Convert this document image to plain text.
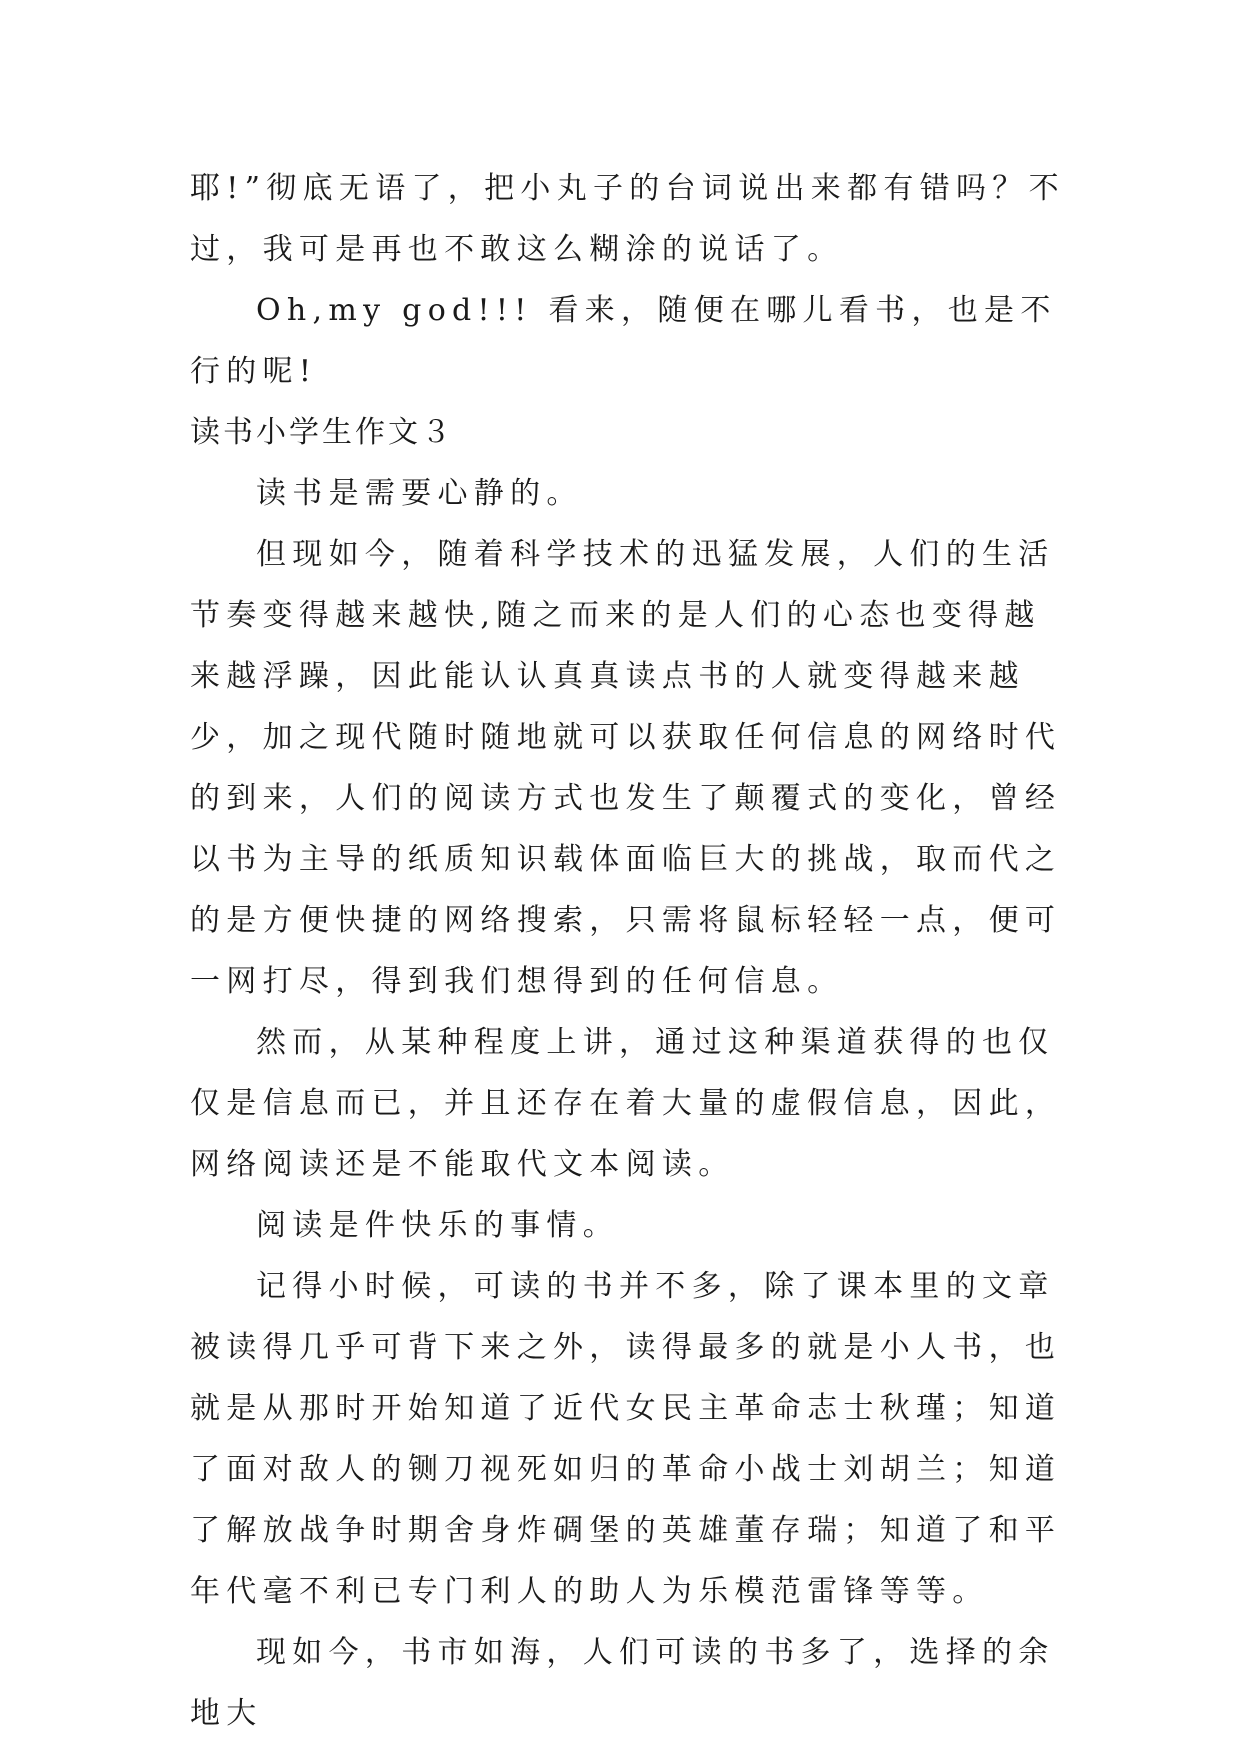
耶!”彻底无语了，把小丸子的台词说出来都有错吗？不过，我可是再也不敢这么糊涂的说话了。

Oh,my god!!! 看来，随便在哪儿看书，也是不行的呢!

读书小学生作文３

读书是需要心静的。

但现如今，随着科学技术的迅猛发展，人们的生活节奏变得越来越快,随之而来的是人们的心态也变得越来越浮躁，因此能认认真真读点书的人就变得越来越少，加之现代随时随地就可以获取任何信息的网络时代的到来，人们的阅读方式也发生了颠覆式的变化，曾经以书为主导的纸质知识载体面临巨大的挑战，取而代之的是方便快捷的网络搜索，只需将鼠标轻轻一点，便可一网打尽，得到我们想得到的任何信息。

然而，从某种程度上讲，通过这种渠道获得的也仅仅是信息而已，并且还存在着大量的虚假信息，因此，网络阅读还是不能取代文本阅读。

阅读是件快乐的事情。

记得小时候，可读的书并不多，除了课本里的文章被读得几乎可背下来之外，读得最多的就是小人书，也就是从那时开始知道了近代女民主革命志士秋瑾；知道了面对敌人的铡刀视死如归的革命小战士刘胡兰；知道了解放战争时期舍身炸碉堡的英雄董存瑞；知道了和平年代毫不利已专门利人的助人为乐模范雷锋等等。

现如今，书市如海，人们可读的书多了，选择的余地大
